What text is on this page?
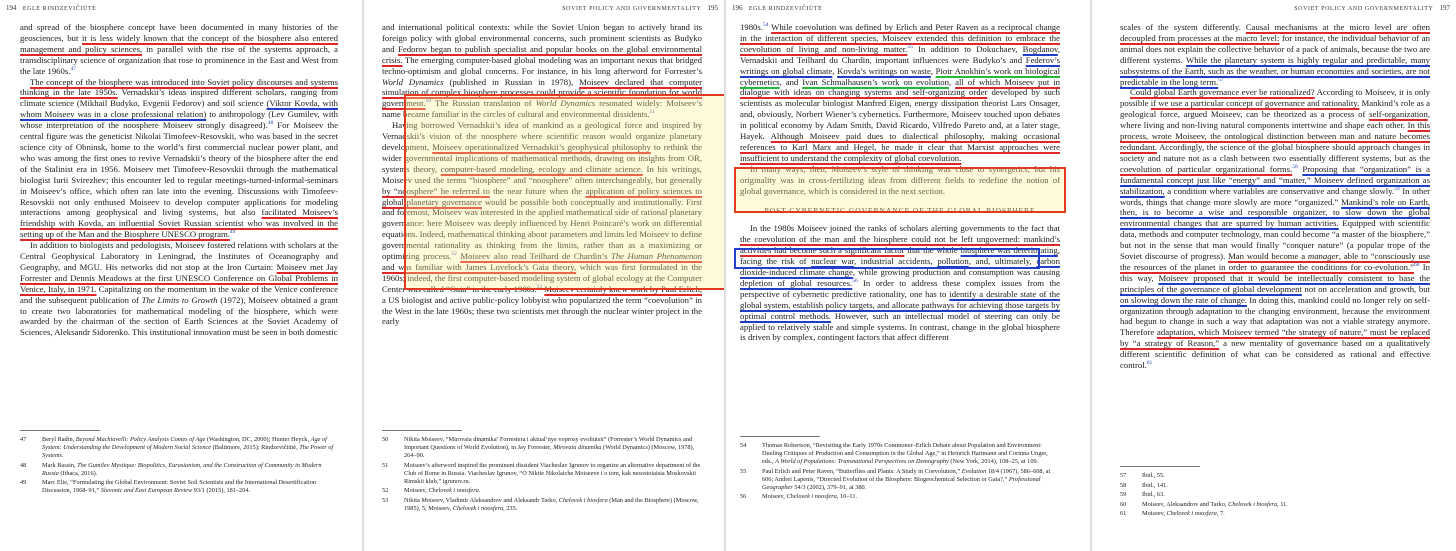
194 EGLĖ RINDZEVIČIŪTĖ

and spread of the biosphere concept have been documented in many histories of the geosciences, but it is less widely known that the concept of the biosphere also entered management and policy sciences, in parallel with the rise of the systems approach, a transdisciplinary science of organization that rose to prominence in the East and West from the late 1960s.$^{47}$

The concept of the biosphere was introduced into Soviet policy discourses and systems thinking in the late 1950s. Vernadskii’s ideas inspired different scholars, ranging from climate science (Mikhail Budyko, Evgenii Fedorov) and soil science (Viktor Kovda, with whom Moiseev was in a close professional relation) to anthropology (Lev Gumilev, with whose interpretation of the noosphere Moiseev strongly disagreed).$^{48}$ For Moiseev the central figure was the geneticist Nikolai Timofeev-Resovskii, who was based in the secret science city of Obninsk, home to the world’s first commercial nuclear power plant, and who was among the first ones to revive Vernadskii’s theory of the biosphere after the end of the Stalinist era in 1956. Moiseev met Timofeev-Resovskii through the mathematical biologist Iurii Svirezhev; this encounter led to regular meetings-turned-informal-seminars in Moiseev’s office, which often ran late into the evening. Discussions with Timofeev-Resovskii not only enthused Moiseev to develop computer applications for modeling interactions among geophysical and living systems, but also facilitated Moiseev’s friendship with Kovda, an influential Soviet Russian scientist who was involved in the setting up of the Man and the Biosphere UNESCO program.$^{49}$

In addition to biologists and pedologists, Moiseev fostered relations with scholars at the Central Geophysical Laboratory in Leningrad, the Institutes of Oceanography and Geography, and MGU. His networks did not stop at the Iron Curtain: Moiseev met Jay Forrester and Dennis Meadows at the first UNESCO Conference on Global Problems in Venice, Italy, in 1971. Capitalizing on the momentum in the wake of the Venice conference and the subsequent publication of The Limits to Growth (1972), Moiseev obtained a grant to create two laboratories for mathematical modeling of the biosphere, which were awarded by the chairman of the section of Earth Sciences at the Soviet Academy of Sciences, Aleksandr Sidorenko. This institutional innovation must be seen in both domestic

47	Beryl Radin, Beyond Machiavelli: Policy Analysis Comes of Age (Washington, DC, 2000); Hunter Heyck, Age of System: Understanding the Development of Modern Social Science (Baltimore, 2015); Rindzevičiūtė, The Power of Systems.
48	Mark Bassin, The Gumilev Mystique: Biopolitics, Eurasianism, and the Construction of Community in Modern Russia (Ithaca, 2016).
49	Marc Elie, “Formulating the Global Environment: Soviet Soil Scientists and the International Desertification Discussion, 1968–91,” Slavonic and East European Review 93/1 (2015), 181–204.
SOVIET POLICY AND GOVERNMENTALITY 195

and international political contexts: while the Soviet Union began to actively brand its foreign policy with global environmental concerns, such prominent scientists as Budyko and Fedorov began to publish specialist and popular books on the global environmental crisis. The emerging computer-based global modeling was an important nexus that bridged techno-optimism and global concerns. For instance, in his long afterword for Forrester’s World Dynamics (published in Russian in 1978), Moiseev declared that computer simulation of complex biosphere processes could provide a scientific foundation for world government.$^{50}$ The Russian translation of World Dynamics resonated widely: Moiseev’s name became familiar in the circles of cultural and environmental dissidents.$^{51}$

Having borrowed Vernadskii’s idea of mankind as a geological force and inspired by Vernadskii’s vision of the noosphere where scientific reason would organize planetary development, Moiseev operationalized Vernadskii’s geophysical philosophy to rethink the wider governmental implications of mathematical methods, drawing on insights from OR, systems theory, computer-based modeling, ecology and climate science. In his writings, Moiseev used the terms “biosphere” and “noosphere” often interchangeably, but generally by “noosphere” he referred to the near future when the application of policy sciences to global planetary governance would be possible both conceptually and institutionally. First and foremost, Moiseev was interested in the applied mathematical side of rational planetary governance: here Moiseev was deeply influenced by Henri Poincaré’s work on differential equations. Indeed, mathematical thinking about parameters and limits led Moiseev to define governmental rationality as thinking from the limits, rather than as a maximizing or optimizing process.$^{52}$ Moiseev also read Teilhard de Chardin’s The Human Phenomenon and was familiar with James Lovelock’s Gaia theory, which was first formulated in the 1960s; indeed, the first computer-based modeling system of global ecology at the Computer Center was called “Gaia” in the early 1980s.$^{53}$ Moiseev certainly knew work by Paul Erlich, a US biologist and active public-policy lobbyist who popularized the term “coevolution” in the West in the late 1960s; these two scientists met through the nuclear winter project in the early

50	Nikita Moiseev, “Mirovaia dinamika’ Forrestera i aktual’nye voprosy evoliutsii” (Forrester’s World Dynamics and Important Questions of World Evolution), in Jay Forrester, Mirovaia dinamika (World Dynamics) (Moscow, 1978), 264–90.
51	Moiseev’s afterword inspired the prominent dissident Viacheslav Igrunov to organize an alternative department of the Club of Rome in Russia. Viacheslav Igrunov, “O Nikite Nikolaiche Moiseeve i o tom, kak nesostoiaisia Moskovskii Rimskii klub,” igrunov.ru.
52	Moiseev, Chelovek i noosfera.
53	Nikita Moiseev, Vladimir Aleksandrov and Aleksandr Tarko, Chelovek i biosfera (Man and the Biosphere) (Moscow, 1985), 5; Moiseev, Chelovek i noosfera, 235.
196 EGLĖ RINDZEVIČIŪTĖ

1980s.$^{54}$ While coevolution was defined by Erlich and Peter Raven as a reciprocal change in the interaction of different species, Moiseev extended this definition to embrace the coevolution of living and non-living matter.$^{55}$ In addition to Dokuchaev, Bogdanov, Vernadskii and Teilhard du Chardin, important influences were Budyko’s and Federov’s writings on global climate, Kovda’s writings on waste, Piotr Anokhin’s work on biological cybernetics, and Ivan Schmalhausen’s work on evolution, all of which Moiseev put in dialogue with ideas on changing systems and self-organizing order developed by such scientists as molecular biologist Manfred Eigen, energy dissipation theorist Lars Onsager, and, obviously, Norbert Wiener’s cybernetics. Furthermore, Moiseev touched upon debates in political economy by Adam Smith, David Ricardo, Vilfredo Pareto and, at a later stage, Hayek. Although Moiseev paid dues to dialectical philosophy, making occasional references to Karl Marx and Hegel, he made it clear that Marxist approaches were insufficient to understand the complexity of global coevolution.

In many ways, then, Moiseev’s style of thinking was close to synergetics, but his originality was in cross-fertilizing ideas from different fields to redefine the notion of global governance, which is considered in the next section.

POST-CYBERNETIC GOVERNANCE OF THE GLOBAL BIOSPHERE

In the 1980s Moiseev joined the ranks of scholars alerting governments to the fact that the coevolution of the man and the biosphere could not be left ungoverned: mankind’s activities had become such a significant factor that the whole biosphere was deteriorating, facing the risk of nuclear war, industrial accidents, pollution, and, ultimately, carbon dioxide-induced climate change, while growing production and consumption was causing depletion of global resources.$^{56}$ In order to address these complex issues from the perspective of cybernetic predictive rationality, one has to identify a desirable state of the global system, establish policy targets, and allocate pathways for achieving those targets by optimal control methods. However, such an intellectual model of steering can only be applied to relatively stable and simple systems. In contrast, change in the global biosphere is driven by complex, contingent factors that affect different

54	Thomas Robertson, “Revisiting the Early 1970s Commoner–Erlich Debate about Population and Environment: Dueling Critiques of Production and Consumption in the Global Age,” in Heinrich Hartmann and Corinna Unger, eds., A World of Populations: Transnational Perspectives on Demography (New York, 2014), 108–25, at 109.
55	Paul Erlich and Peter Raven, “Butterflies and Plants: A Study in Coevolution,” Evolution 18/4 (1967), 586–608, at 606; Andrei Lapenis, “Directed Evolution of the Biosphere: Biogeochemical Selection or Gaia?,” Professional Geographer 54/3 (2002), 379–91, at 380.
56	Moiseev, Chelovek i noosfera, 10–11.
SOVIET POLICY AND GOVERNMENTALITY 197

scales of the system differently. Causal mechanisms at the micro level are often decoupled from processes at the macro level: for instance, the individual behavior of an animal does not explain the collective behavior of a pack of animals, because the two are different systems. While the planetary system is highly regular and predictable, many subsystems of the Earth, such as the weather, or human economies and societies, are not predictable in the long term.$^{57}$

Could global Earth governance ever be rationalized? According to Moiseev, it is only possible if we use a particular concept of governance and rationality. Mankind’s role as a geological force, argued Moiseev, can be theorized as a process of self-organization, where living and non-living natural components intertwine and shape each other. In this process, wrote Moiseev, the ontological distinction between man and nature becomes redundant. Accordingly, the science of the global biosphere should approach changes in society and nature not as a clash between two essentially different systems, but as the coevolution of particular organizational forms.$^{58}$ Proposing that “organization” is a fundamental concept just like “energy” and “matter,” Moiseev defined organization as stabilization, a condition where variables are conservative and change slowly.$^{59}$ In other words, things that change more slowly are more “organized.” Mankind’s role on Earth, then, is to become a wise and responsible organizer, to slow down the global environmental changes that are spurred by human activities. Equipped with scientific data, methods and computer technology, man could become “a master of the biosphere,” but not in the sense that man would finally “conquer nature” (a popular trope of the Soviet discourse of progress). Man would become a manager, able to “consciously use the resources of the planet in order to guarantee the conditions for co-evolution.”$^{60}$ In this way, Moiseev proposed that it would be intellectually consistent to base the principles of the governance of global development not on acceleration and growth, but on slowing down the rate of change. In doing this, mankind could no longer rely on self-organization through adaptation to the changing environment, because the environment had begun to change in such a way that adaptation was not a viable strategy anymore. Therefore adaptation, which Moiseev termed “the strategy of nature,” must be replaced by “a strategy of Reason,” a new mentality of governance based on a qualitatively different scientific definition of what can be considered as rational and effective control.$^{61}$

57	Ibid., 55.
58	Ibid., 141.
59	Ibid., 63.
60	Moiseev, Aleksandrov and Tarko, Chelovek i biosfera, 11.
61	Moiseev, Chelovek i noosfera, 7.
